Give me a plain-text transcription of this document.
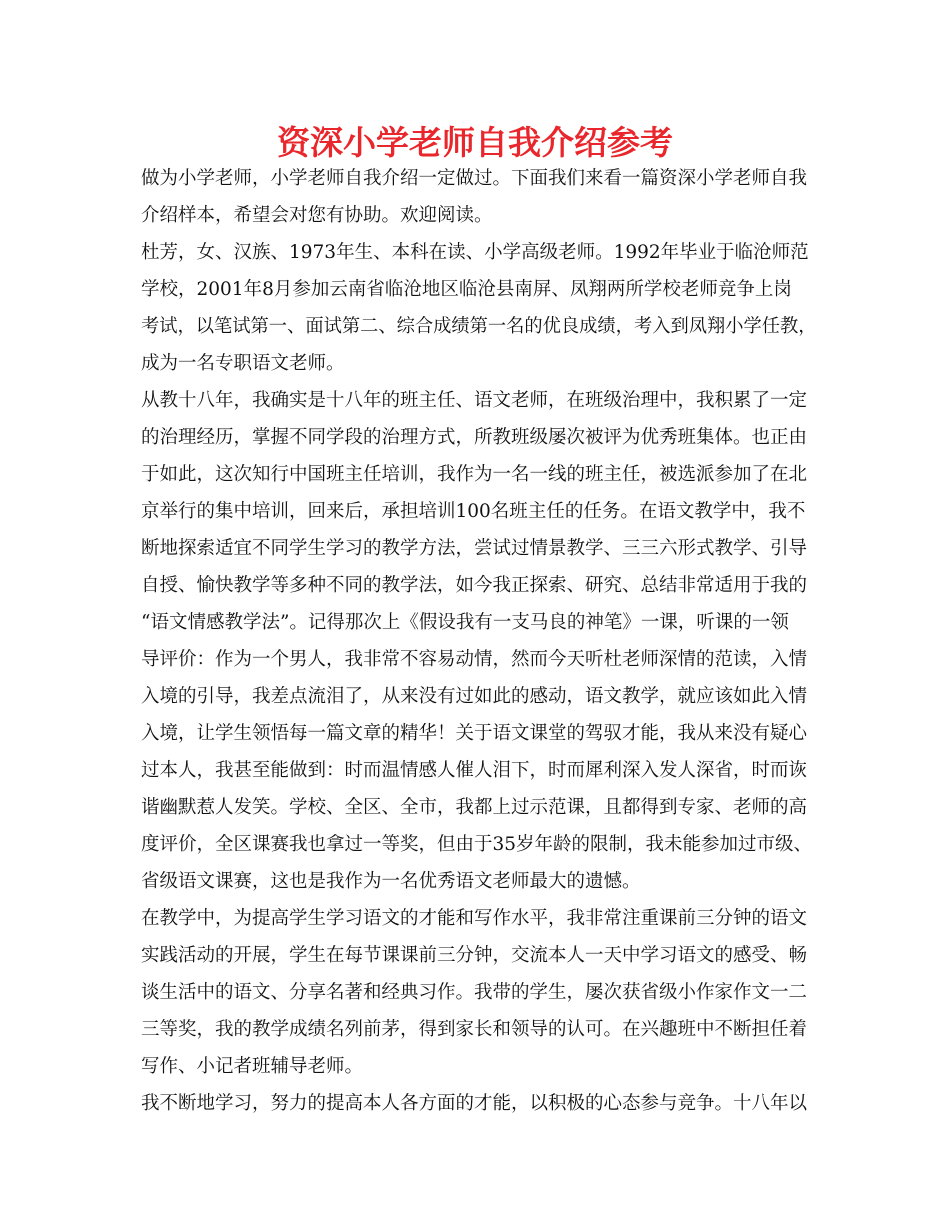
资深小学老师自我介绍参考
做为小学老师，小学老师自我介绍一定做过。下面我们来看一篇资深小学老师自我
介绍样本，希望会对您有协助。欢迎阅读。
杜芳，女、汉族、1973年生、本科在读、小学高级老师。1992年毕业于临沧师范
学校，2001年8月参加云南省临沧地区临沧县南屏、凤翔两所学校老师竞争上岗
考试，以笔试第一、面试第二、综合成绩第一名的优良成绩，考入到凤翔小学任教，
成为一名专职语文老师。
从教十八年，我确实是十八年的班主任、语文老师，在班级治理中，我积累了一定
的治理经历，掌握不同学段的治理方式，所教班级屡次被评为优秀班集体。也正由
于如此，这次知行中国班主任培训，我作为一名一线的班主任，被选派参加了在北
京举行的集中培训，回来后，承担培训100名班主任的任务。在语文教学中，我不
断地探索适宜不同学生学习的教学方法，尝试过情景教学、三三六形式教学、引导
自授、愉快教学等多种不同的教学法，如今我正探索、研究、总结非常适用于我的
“语文情感教学法”。记得那次上《假设我有一支马良的神笔》一课，听课的一领
导评价：作为一个男人，我非常不容易动情，然而今天听杜老师深情的范读，入情
入境的引导，我差点流泪了，从来没有过如此的感动，语文教学，就应该如此入情
入境，让学生领悟每一篇文章的精华！关于语文课堂的驾驭才能，我从来没有疑心
过本人，我甚至能做到：时而温情感人催人泪下，时而犀利深入发人深省，时而诙
谐幽默惹人发笑。学校、全区、全市，我都上过示范课，且都得到专家、老师的高
度评价，全区课赛我也拿过一等奖，但由于35岁年龄的限制，我未能参加过市级、
省级语文课赛，这也是我作为一名优秀语文老师最大的遗憾。
在教学中，为提高学生学习语文的才能和写作水平，我非常注重课前三分钟的语文
实践活动的开展，学生在每节课课前三分钟，交流本人一天中学习语文的感受、畅
谈生活中的语文、分享名著和经典习作。我带的学生，屡次获省级小作家作文一二
三等奖，我的教学成绩名列前茅，得到家长和领导的认可。在兴趣班中不断担任着
写作、小记者班辅导老师。
我不断地学习，努力的提高本人各方面的才能，以积极的心态参与竞争。十八年以
